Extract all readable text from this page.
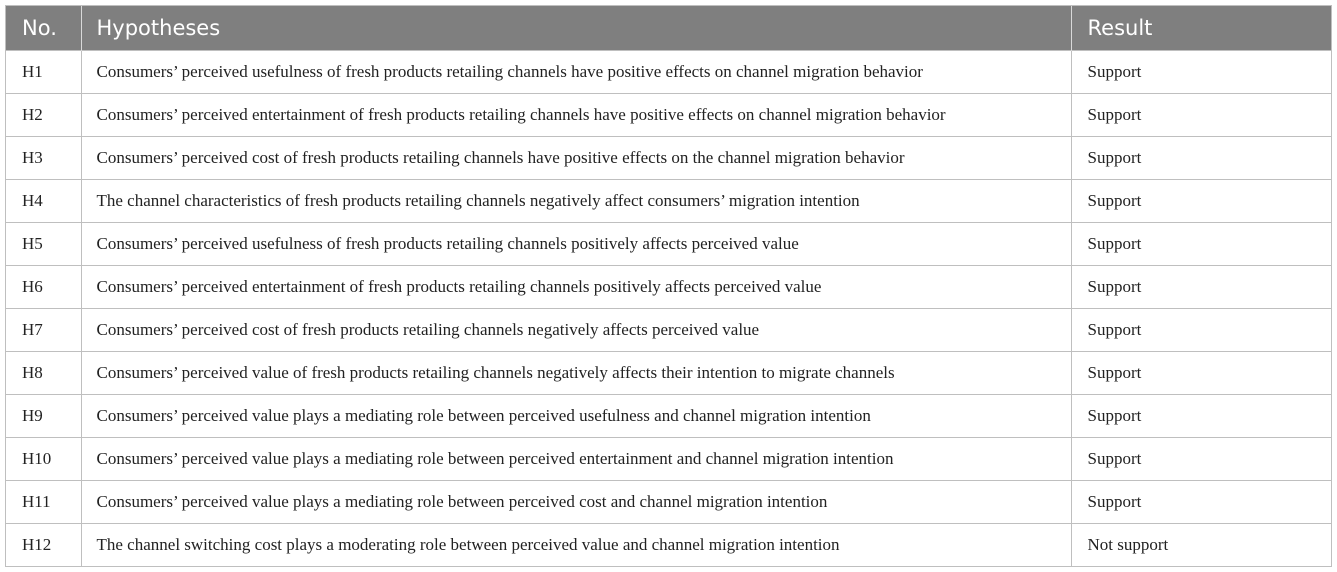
No.	Hypotheses	Result
H1	Consumers’ perceived usefulness of fresh products retailing channels have positive effects on channel migration behavior	Support
H2	Consumers’ perceived entertainment of fresh products retailing channels have positive effects on channel migration behavior	Support
H3	Consumers’ perceived cost of fresh products retailing channels have positive effects on the channel migration behavior	Support
H4	The channel characteristics of fresh products retailing channels negatively affect consumers’ migration intention	Support
H5	Consumers’ perceived usefulness of fresh products retailing channels positively affects perceived value	Support
H6	Consumers’ perceived entertainment of fresh products retailing channels positively affects perceived value	Support
H7	Consumers’ perceived cost of fresh products retailing channels negatively affects perceived value	Support
H8	Consumers’ perceived value of fresh products retailing channels negatively affects their intention to migrate channels	Support
H9	Consumers’ perceived value plays a mediating role between perceived usefulness and channel migration intention	Support
H10	Consumers’ perceived value plays a mediating role between perceived entertainment and channel migration intention	Support
H11	Consumers’ perceived value plays a mediating role between perceived cost and channel migration intention	Support
H12	The channel switching cost plays a moderating role between perceived value and channel migration intention	Not support
